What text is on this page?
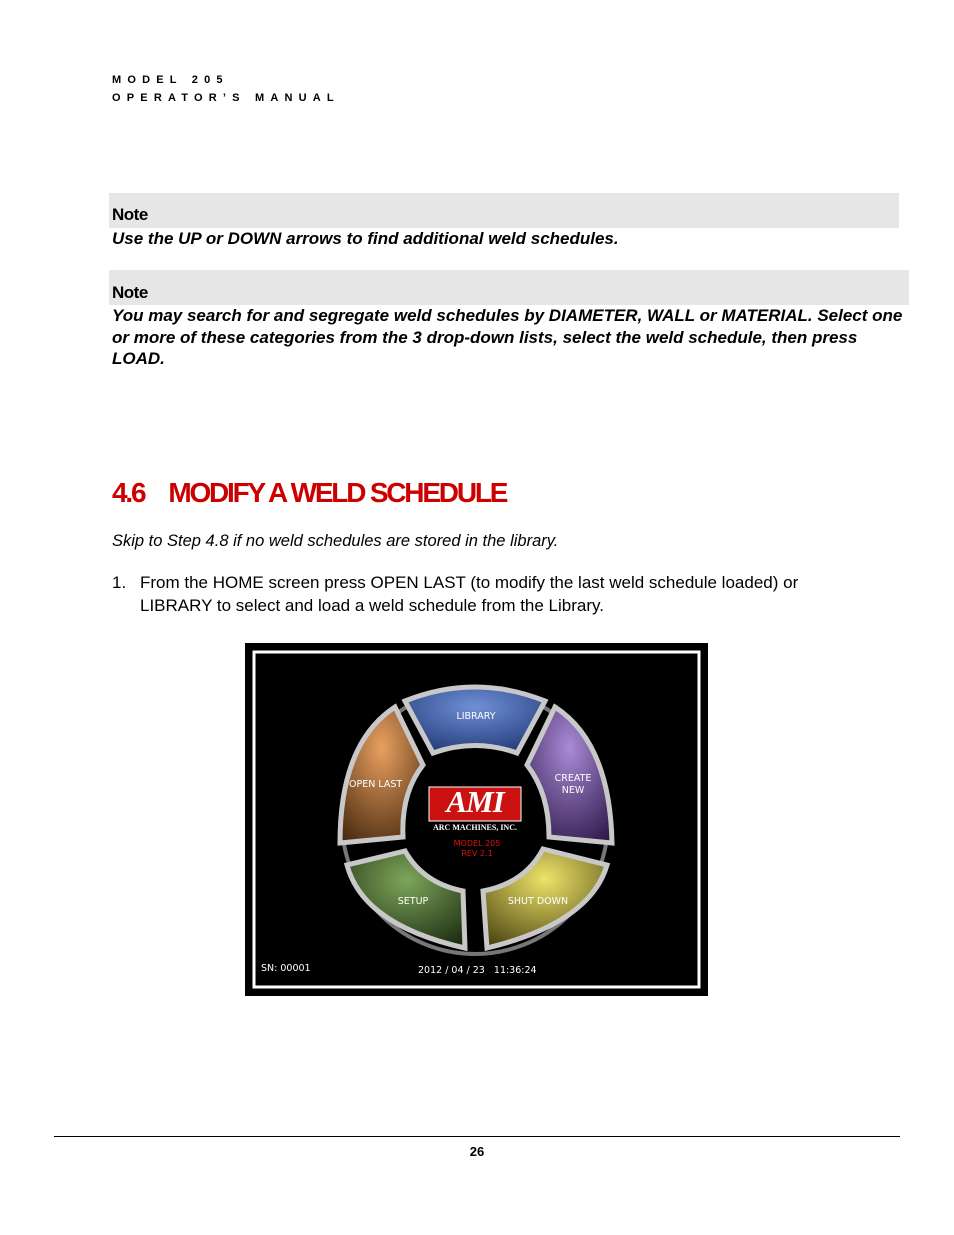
MODEL 205
OPERATOR’S MANUAL
Note
Use the UP or DOWN arrows to find additional weld schedules.
Note
You may search for and segregate weld schedules by DIAMETER, WALL or MATERIAL. Select one or more of these categories from the 3 drop-down lists, select the weld schedule, then press LOAD.
4.6 MODIFY A WELD SCHEDULE
Skip to Step 4.8 if no weld schedules are stored in the library.
1. From the HOME screen press OPEN LAST (to modify the last weld schedule loaded) or LIBRARY to select and load a weld schedule from the Library.
LIBRARY
OPEN LAST
CREATE
NEW
SETUP	SHUT DOWN
AMI
ARC MACHINES, INC.
MODEL 205
REV 2.1
SN: 00001	2012 / 04 / 23   11:36:24
26
